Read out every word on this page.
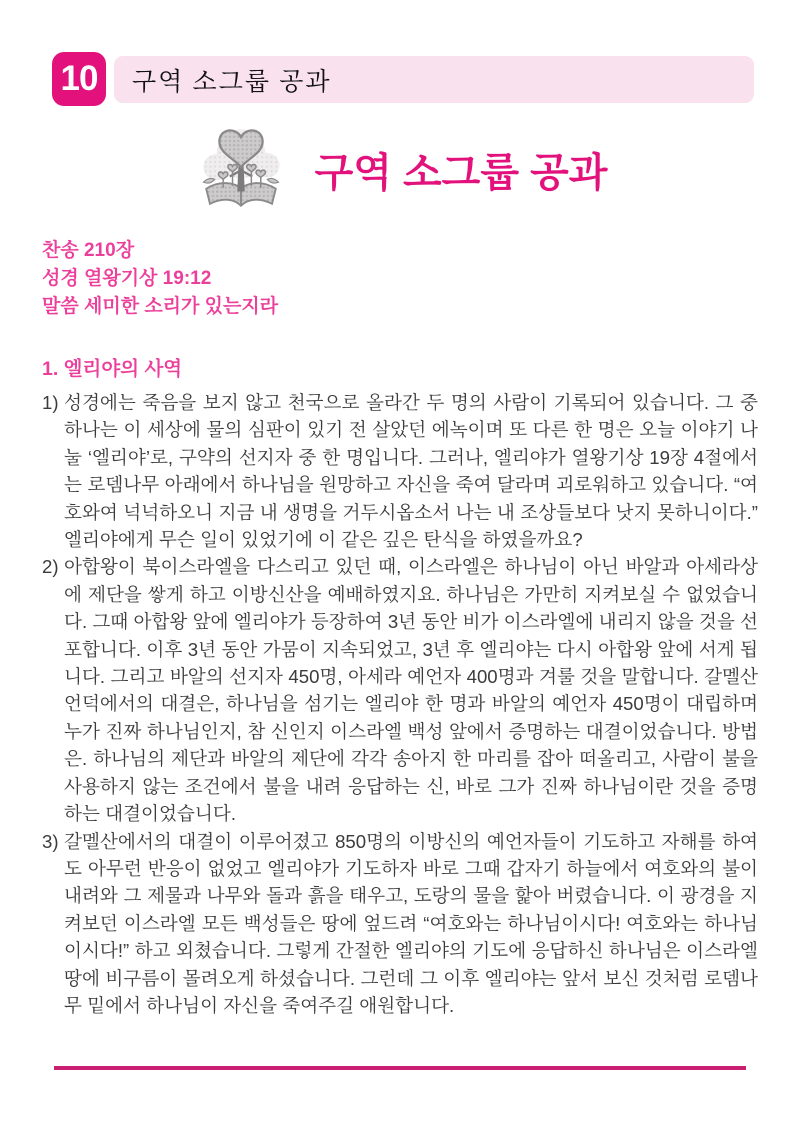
10	구역 소그룹 공과
구역 소그룹 공과
찬송 210장
성경 열왕기상 19:12
말씀 세미한 소리가 있는지라
1. 엘리야의 사역
1) 성경에는 죽음을 보지 않고 천국으로 올라간 두 명의 사람이 기록되어 있습니다. 그 중 하나는 이 세상에 물의 심판이 있기 전 살았던 에녹이며 또 다른 한 명은 오늘 이야기 나눌 ‘엘리야’로, 구약의 선지자 중 한 명입니다. 그러나, 엘리야가 열왕기상 19장 4절에서는 로뎀나무 아래에서 하나님을 원망하고 자신을 죽여 달라며 괴로워하고 있습니다. “여호와여 넉넉하오니 지금 내 생명을 거두시옵소서 나는 내 조상들보다 낫지 못하니이다.” 엘리야에게 무슨 일이 있었기에 이 같은 깊은 탄식을 하였을까요?
2) 아합왕이 북이스라엘을 다스리고 있던 때, 이스라엘은 하나님이 아닌 바알과 아세라상에 제단을 쌓게 하고 이방신산을 예배하였지요. 하나님은 가만히 지켜보실 수 없었습니다. 그때 아합왕 앞에 엘리야가 등장하여 3년 동안 비가 이스라엘에 내리지 않을 것을 선포합니다. 이후 3년 동안 가뭄이 지속되었고, 3년 후 엘리야는 다시 아합왕 앞에 서게 됩니다. 그리고 바알의 선지자 450명, 아세라 예언자 400명과 겨룰 것을 말합니다. 갈멜산 언덕에서의 대결은, 하나님을 섬기는 엘리야 한 명과 바알의 예언자 450명이 대립하며 누가 진짜 하나님인지, 참 신인지 이스라엘 백성 앞에서 증명하는 대결이었습니다. 방법은. 하나님의 제단과 바알의 제단에 각각 송아지 한 마리를 잡아 떠올리고, 사람이 불을 사용하지 않는 조건에서 불을 내려 응답하는 신, 바로 그가 진짜 하나님이란 것을 증명하는 대결이었습니다.
3) 갈멜산에서의 대결이 이루어졌고 850명의 이방신의 예언자들이 기도하고 자해를 하여도 아무런 반응이 없었고 엘리야가 기도하자 바로 그때 갑자기 하늘에서 여호와의 불이 내려와 그 제물과 나무와 돌과 흙을 태우고, 도랑의 물을 핥아 버렸습니다. 이 광경을 지켜보던 이스라엘 모든 백성들은 땅에 엎드려 “여호와는 하나님이시다! 여호와는 하나님이시다!” 하고 외쳤습니다. 그렇게 간절한 엘리야의 기도에 응답하신 하나님은 이스라엘 땅에 비구름이 몰려오게 하셨습니다. 그런데 그 이후 엘리야는 앞서 보신 것처럼 로뎀나무 밑에서 하나님이 자신을 죽여주길 애원합니다.
